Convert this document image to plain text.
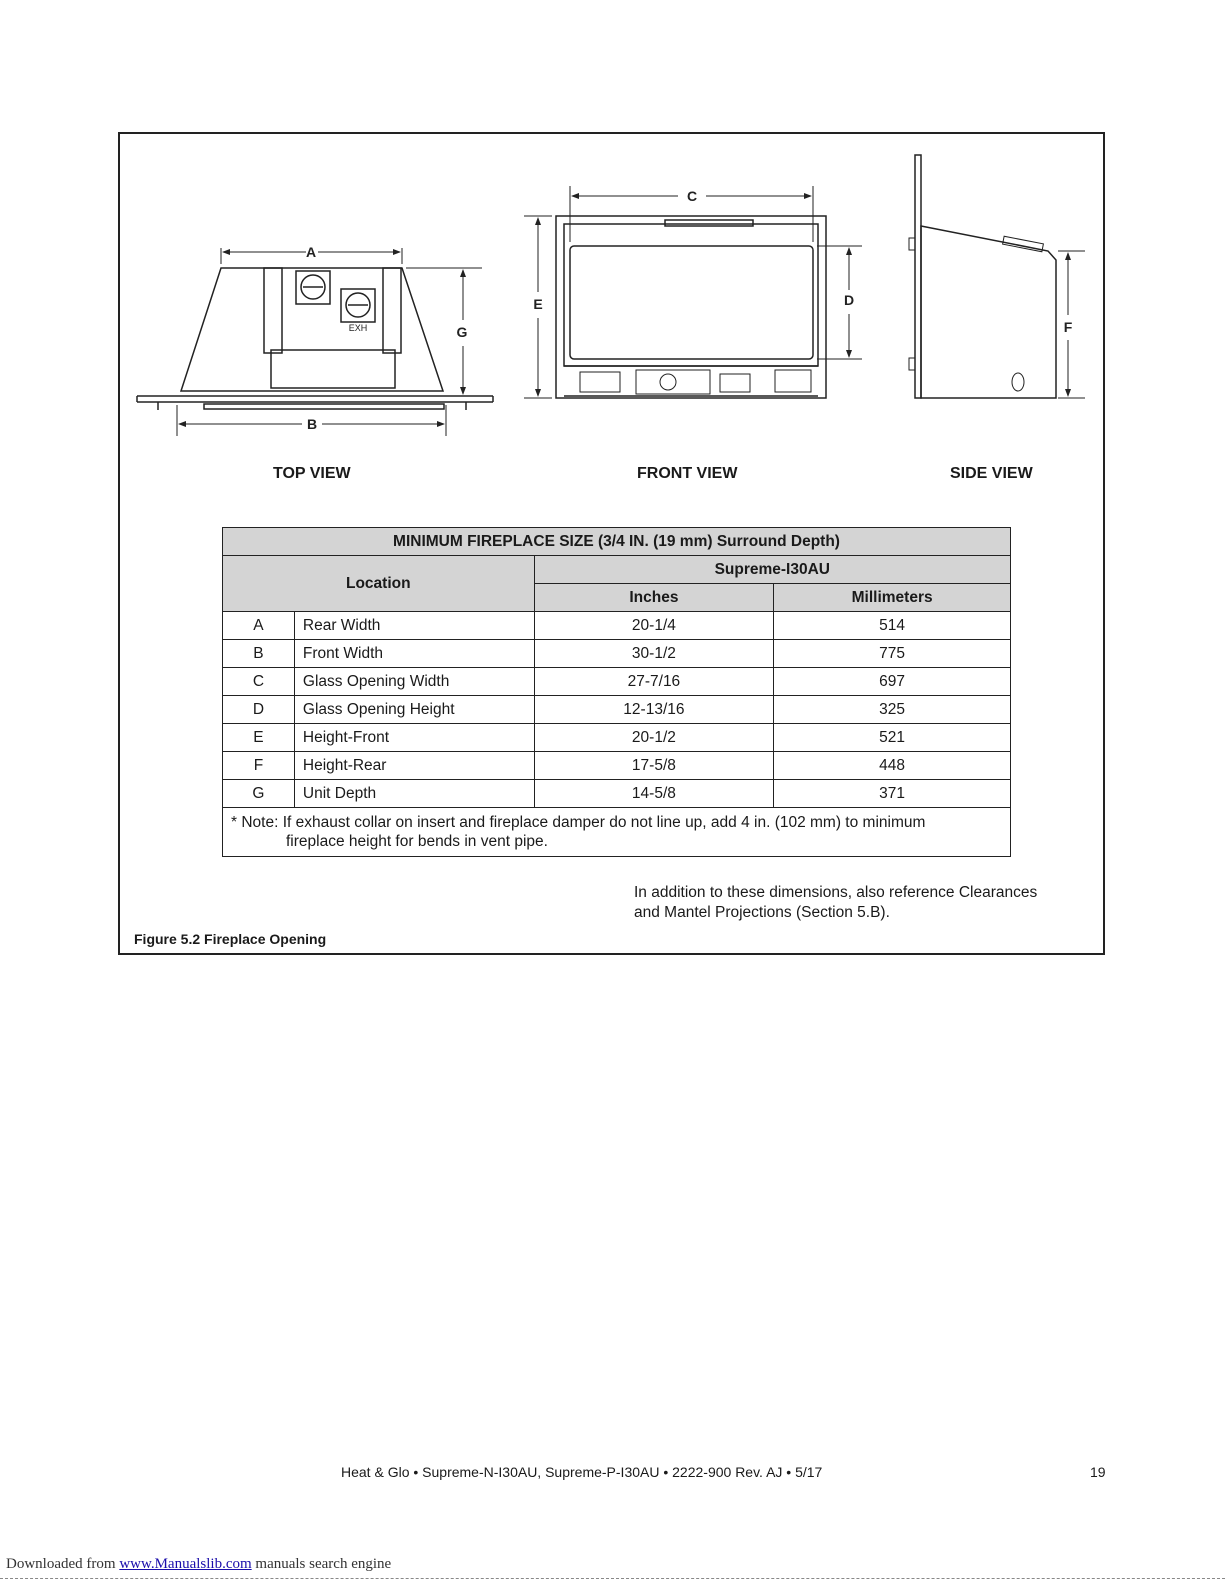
A
B
G
EXH
C
E	D
F
TOP VIEW	FRONT VIEW	SIDE VIEW
MINIMUM FIREPLACE SIZE (3/4 IN. (19 mm) Surround Depth)			
Location		Supreme-I30AU	
		Inches	Millimeters
A	Rear Width	20-1/4	514
B	Front Width	30-1/2	775
C	Glass Opening Width	27-7/16	697
D	Glass Opening Height	12-13/16	325
E	Height-Front	20-1/2	521
F	Height-Rear	17-5/8	448
G	Unit Depth	14-5/8	371
* Note: If exhaust collar on insert and fireplace damper do not line up, add 4 in. (102 mm) to minimum
fireplace height for bends in vent pipe.			
In addition to these dimensions, also reference Clearances
and Mantel Projections (Section 5.B).
Figure 5.2 Fireplace Opening
Heat & Glo • Supreme-N-I30AU, Supreme-P-I30AU • 2222-900 Rev. AJ • 5/17	19
Downloaded from www.Manualslib.com manuals search engine
